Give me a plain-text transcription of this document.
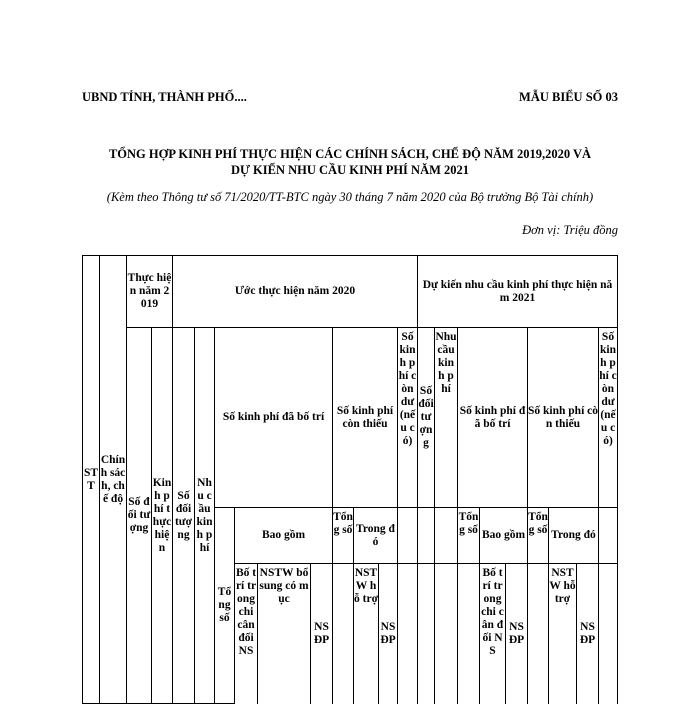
UBND TỈNH, THÀNH PHỐ....	MẪU BIỂU SỐ 03
TỔNG HỢP KINH PHÍ THỰC HIỆN CÁC CHÍNH SÁCH, CHẾ ĐỘ NĂM 2019,2020 VÀ
DỰ KIẾN NHU CẦU KINH PHÍ NĂM 2021
(Kèm theo Thông tư số 71/2020/TT-BTC ngày 30 tháng 7 năm 2020 của Bộ trưởng Bộ Tài chính)
Đơn vị: Triệu đồng
STT	Chính sách, chế độ	Thực hiện năm 2019		Ước thực hiện năm 2020										Dự kiến nhu cầu kinh phí thực hiện năm 2021								
		Số đối tượng	Kinh phí thực hiện	Số đối tượng	Nhu cầu kinh phí	Số kinh phí đã bố trí				Số kinh phí còn thiếu			Số kinh phí còn dư (nếu có)	Số đối tượng	Nhu cầu kinh phí	Số kinh phí đã bố trí			Số kinh phí còn thiếu			Số kinh phí còn dư (nếu có)
						Tổng số	Bao gồm			Tổng số	Trong đó					Tổng số	Bao gồm		Tổng số	Trong đó		
							Bố trí trong chi cân đối NS	NSTW bổ sung có mục	NS ĐP		NSTW hỗ trợ	NS ĐP					Bố trí trong chi cân đối NS	NS ĐP		NSTW hỗ trợ	NS ĐP	
